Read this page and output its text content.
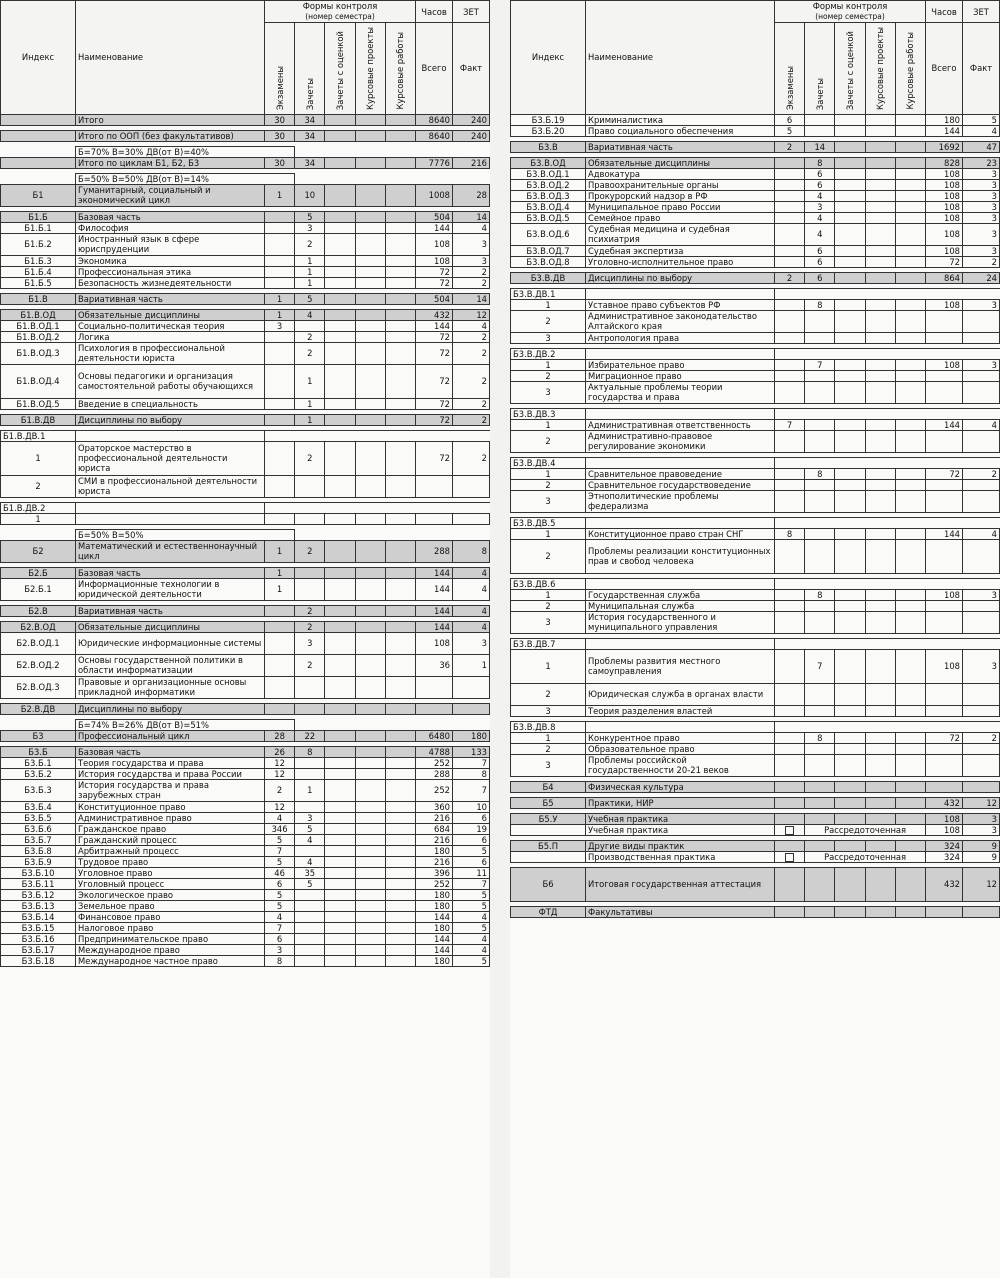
Индекс	Наименование	Формы контроля
(номер семестра)					Часов	ЗЕТ

		Экзамены	Зачеты	Зачеты с оценкой	Курсовые проекты	Курсовые работы	Всего	Факт
	Итого	30	34				8640	240

	Итого по ООП (без факультативов)	30	34				8640	240

	Б=70% В=30% ДВ(от В)=40%							
	Итого по циклам Б1, Б2, Б3	30	34				7776	216

	Б=50% В=50% ДВ(от В)=14%							
Б1	Гуманитарный, социальный и экономический цикл	1	10				1008	28

Б1.Б	Базовая часть		5				504	14
Б1.Б.1	Философия		3				144	4
Б1.Б.2	Иностранный язык в сфере юриспруденции		2				108	3
Б1.Б.3	Экономика		1				108	3
Б1.Б.4	Профессиональная этика		1				72	2
Б1.Б.5	Безопасность жизнедеятельности		1				72	2

Б1.В	Вариативная часть	1	5				504	14

Б1.В.ОД	Обязательные дисциплины	1	4				432	12
Б1.В.ОД.1	Социально-политическая теория	3					144	4
Б1.В.ОД.2	Логика		2				72	2
Б1.В.ОД.3	Психология в профессиональной деятельности юриста		2				72	2
Б1.В.ОД.4	Основы педагогики и организация самостоятельной работы обучающихся		1				72	2
Б1.В.ОД.5	Введение в специальность		1				72	2

Б1.В.ДВ	Дисциплины по выбору		1				72	2

Б1.В.ДВ.1								
1	Ораторское мастерство в профессиональной деятельности юриста		2				72	2
2	СМИ в профессиональной деятельности юриста							

Б1.В.ДВ.2								
1								

	Б=50% В=50%							
Б2	Математический и естественнонаучный цикл	1	2				288	8

Б2.Б	Базовая часть	1					144	4
Б2.Б.1	Информационные технологии в юридической деятельности	1					144	4

Б2.В	Вариативная часть		2				144	4

Б2.В.ОД	Обязательные дисциплины		2				144	4
Б2.В.ОД.1	Юридические информационные системы		3				108	3
Б2.В.ОД.2	Основы государственной политики в области информатизации		2				36	1
Б2.В.ОД.3	Правовые и организационные основы прикладной информатики							

Б2.В.ДВ	Дисциплины по выбору							

	Б=74% В=26% ДВ(от В)=51%							
Б3	Профессиональный цикл	28	22				6480	180

Б3.Б	Базовая часть	26	8				4788	133
Б3.Б.1	Теория государства и права	12					252	7
Б3.Б.2	История государства и права России	12					288	8
Б3.Б.3	История государства и права зарубежных стран	2	1				252	7
Б3.Б.4	Конституционное право	12					360	10
Б3.Б.5	Административное право	4	3				216	6
Б3.Б.6	Гражданское право	346	5				684	19
Б3.Б.7	Гражданский процесс	5	4				216	6
Б3.Б.8	Арбитражный процесс	7					180	5
Б3.Б.9	Трудовое право	5	4				216	6
Б3.Б.10	Уголовное право	46	35				396	11
Б3.Б.11	Уголовный процесс	6	5				252	7
Б3.Б.12	Экологическое право	5					180	5
Б3.Б.13	Земельное право	5					180	5
Б3.Б.14	Финансовое право	4					144	4
Б3.Б.15	Налоговое право	7					180	5
Б3.Б.16	Предпринимательское право	6					144	4
Б3.Б.17	Международное право	3					144	4
Б3.Б.18	Международное частное право	8					180	5
Индекс	Наименование	Формы контроля
(номер семестра)					Часов	ЗЕТ

		Экзамены	Зачеты	Зачеты с оценкой	Курсовые проекты	Курсовые работы	Всего	Факт
Б3.Б.19	Криминалистика	6					180	5
Б3.Б.20	Право социального обеспечения	5					144	4

Б3.В	Вариативная часть	2	14				1692	47

Б3.В.ОД	Обязательные дисциплины		8				828	23
Б3.В.ОД.1	Адвокатура		6				108	3
Б3.В.ОД.2	Правоохранительные органы		6				108	3
Б3.В.ОД.3	Прокурорский надзор в РФ		4				108	3
Б3.В.ОД.4	Муниципальное право России		3				108	3
Б3.В.ОД.5	Семейное право		4				108	3
Б3.В.ОД.6	Судебная медицина и судебная психиатрия		4				108	3
Б3.В.ОД.7	Судебная экспертиза		6				108	3
Б3.В.ОД.8	Уголовно-исполнительное право		6				72	2

Б3.В.ДВ	Дисциплины по выбору	2	6				864	24

Б3.В.ДВ.1								
1	Уставное право субъектов РФ		8				108	3
2	Административное законодательство Алтайского края							
3	Антропология права							

Б3.В.ДВ.2								
1	Избирательное право		7				108	3
2	Миграционное право							
3	Актуальные проблемы теории государства и права							

Б3.В.ДВ.3								
1	Административная ответственность	7					144	4
2	Административно-правовое регулирование экономики							

Б3.В.ДВ.4								
1	Сравнительное правоведение		8				72	2
2	Сравнительное государствоведение							
3	Этнополитические проблемы федерализма							

Б3.В.ДВ.5								
1	Конституционное право стран СНГ	8					144	4
2	Проблемы реализации конституционных прав и свобод человека							

Б3.В.ДВ.6								
1	Государственная служба		8				108	3
2	Муниципальная служба							
3	История государственного и муниципального управления							

Б3.В.ДВ.7								
1	Проблемы развития местного самоуправления		7				108	3
2	Юридическая служба в органах власти							
3	Теория разделения властей							

Б3.В.ДВ.8								
1	Конкурентное право		8				72	2
2	Образовательное право							
3	Проблемы российской государственности 20-21 веков							

Б4	Физическая культура							

Б5	Практики, НИР						432	12

Б5.У	Учебная практика						108	3
	Учебная практика		Рассредоточенная				108	3

Б5.П	Другие виды практик						324	9
	Производственная практика		Рассредоточенная				324	9

Б6	Итоговая государственная аттестация						432	12

ФТД	Факультативы							
